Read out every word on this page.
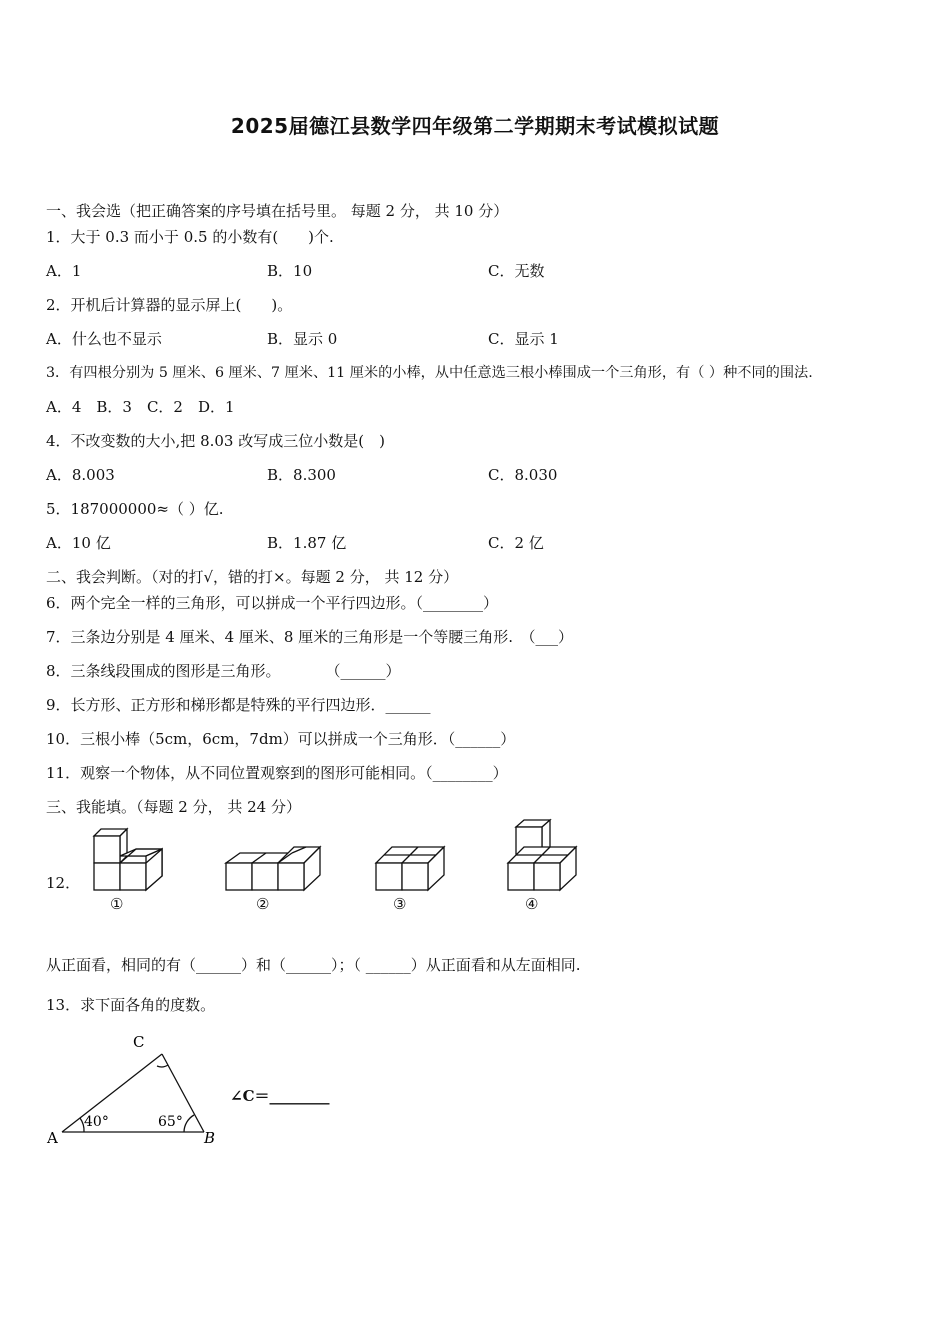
2025届德江县数学四年级第二学期期末考试模拟试题
一、我会选（把正确答案的序号填在括号里。 每题 2 分， 共 10 分）
1．大于 0.3 而小于 0.5 的小数有(　　)个.
A．1	B．10	C．无数
2．开机后计算器的显示屏上(　　)。
A．什么也不显示	B．显示 0	C．显示 1
3．有四根分别为 5 厘米、6 厘米、7 厘米、11 厘米的小棒，从中任意选三根小棒围成一个三角形，有（ ）种不同的围法.
A．4　B．3　C．2　D．1
4．不改变数的大小,把 8.03 改写成三位小数是(　)
A．8.003	B．8.300	C．8.030
5．187000000≈（ ）亿.
A．10 亿	B．1.87 亿	C．2 亿
二、我会判断。（对的打√，错的打×。每题 2 分， 共 12 分）
6．两个完全一样的三角形，可以拼成一个平行四边形。（________）
7．三条边分别是 4 厘米、4 厘米、8 厘米的三角形是一个等腰三角形.　（___）
8．三条线段围成的图形是三角形。　　　　（______）
9．长方形、正方形和梯形都是特殊的平行四边形．______
10．三根小棒（5cm，6cm，7dm）可以拼成一个三角形．（______）
11．观察一个物体，从不同位置观察到的图形可能相同。（________）
三、我能填。（每题 2 分， 共 24 分）
12．
①	②	③	④
从正面看，相同的有（______）和（______）；（ ______）从正面看和从左面相同.
13．求下面各角的度数。
A	B
C
40°	65°
∠C＝________
